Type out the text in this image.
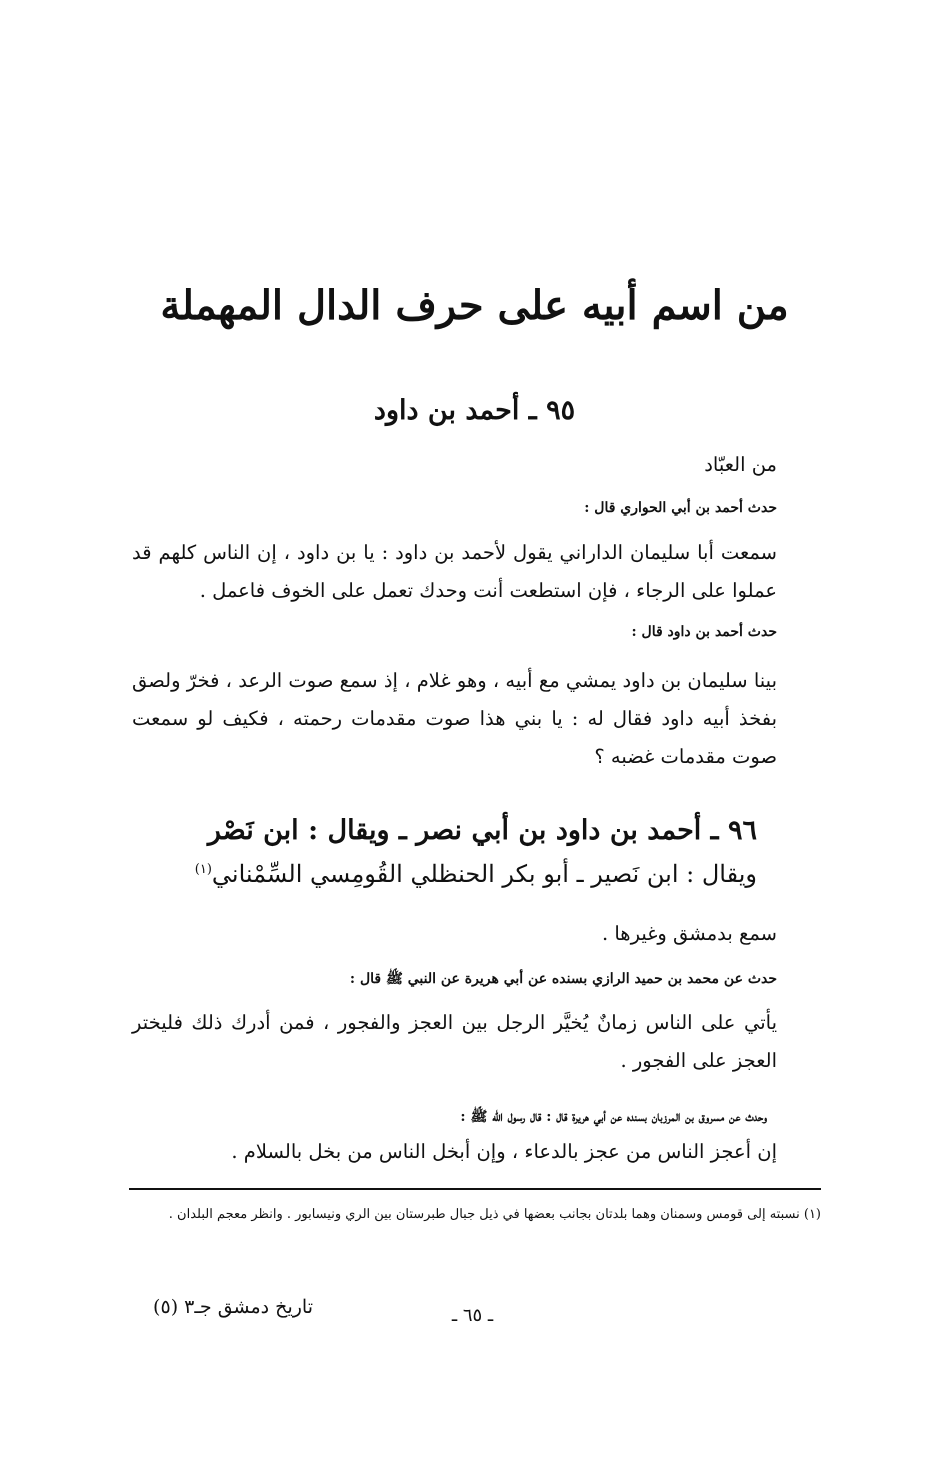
من اسم أبيه على حرف الدال المهملة
٩٥ ـ أحمد بن داود

من العبّاد

حدث أحمد بن أبي الحواري قال :

سمعت أبا سليمان الداراني يقول لأحمد بن داود : يا بن داود ، إن الناس كلهم قد عملوا على الرجاء ، فإن استطعت أنت وحدك تعمل على الخوف فاعمل .

حدث أحمد بن داود قال :

بينا سليمان بن داود يمشي مع أبيه ، وهو غلام ، إذ سمع صوت الرعد ، فخرّ ولصق بفخذ أبيه داود فقال له : يا بني هذا صوت مقدمات رحمته ، فكيف لو سمعت صوت مقدمات غضبه ؟

٩٦ ـ أحمد بن داود بن أبي نصر ـ ويقال : ابن نَصْر
ويقال : ابن نَصير ـ أبو بكر الحنظلي القُومِسي السِّمْناني$^{(١)}$

سمع بدمشق وغيرها .

حدث عن محمد بن حميد الرازي بسنده عن أبي هريرة عن النبي ﷺ قال :

يأتي على الناس زمانٌ يُخيَّر الرجل بين العجز والفجور ، فمن أدرك ذلك فليختر العجز على الفجور .

وحدث عن مسروق بن المرزبان بسنده عن أبي هريرة قال : قال رسول الله ﷺ :

إن أعجز الناس من عجز بالدعاء ، وإن أبخل الناس من بخل بالسلام .

(١) نسبته إلى قومس وسمنان وهما بلدتان بجانب بعضها في ذيل جبال طبرستان بين الري ونيسابور . وانظر معجم البلدان .

تاريخ دمشق جـ٣ (٥)	ـ ٦٥ ـ
